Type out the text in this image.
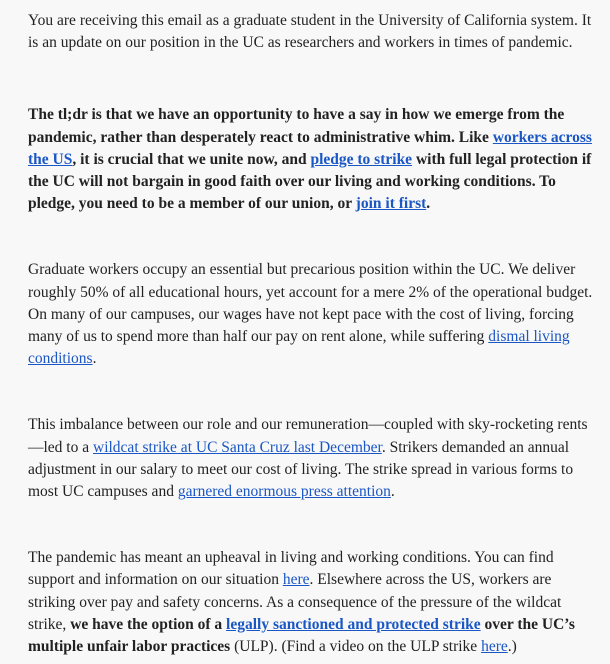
You are receiving this email as a graduate student in the University of California system. It is an update on our position in the UC as researchers and workers in times of pandemic.

The tl;dr is that we have an opportunity to have a say in how we emerge from the pandemic, rather than desperately react to administrative whim. Like workers across the US, it is crucial that we unite now, and pledge to strike with full legal protection if the UC will not bargain in good faith over our living and working conditions. To pledge, you need to be a member of our union, or join it first.

Graduate workers occupy an essential but precarious position within the UC. We deliver roughly 50% of all educational hours, yet account for a mere 2% of the operational budget. On many of our campuses, our wages have not kept pace with the cost of living, forcing many of us to spend more than half our pay on rent alone, while suffering dismal living conditions.

This imbalance between our role and our remuneration—coupled with sky-rocketing rents—led to a wildcat strike at UC Santa Cruz last December. Strikers demanded an annual adjustment in our salary to meet our cost of living. The strike spread in various forms to most UC campuses and garnered enormous press attention.

The pandemic has meant an upheaval in living and working conditions. You can find support and information on our situation here. Elsewhere across the US, workers are striking over pay and safety concerns. As a consequence of the pressure of the wildcat strike, we have the option of a legally sanctioned and protected strike over the UC’s multiple unfair labor practices (ULP). (Find a video on the ULP strike here.)
